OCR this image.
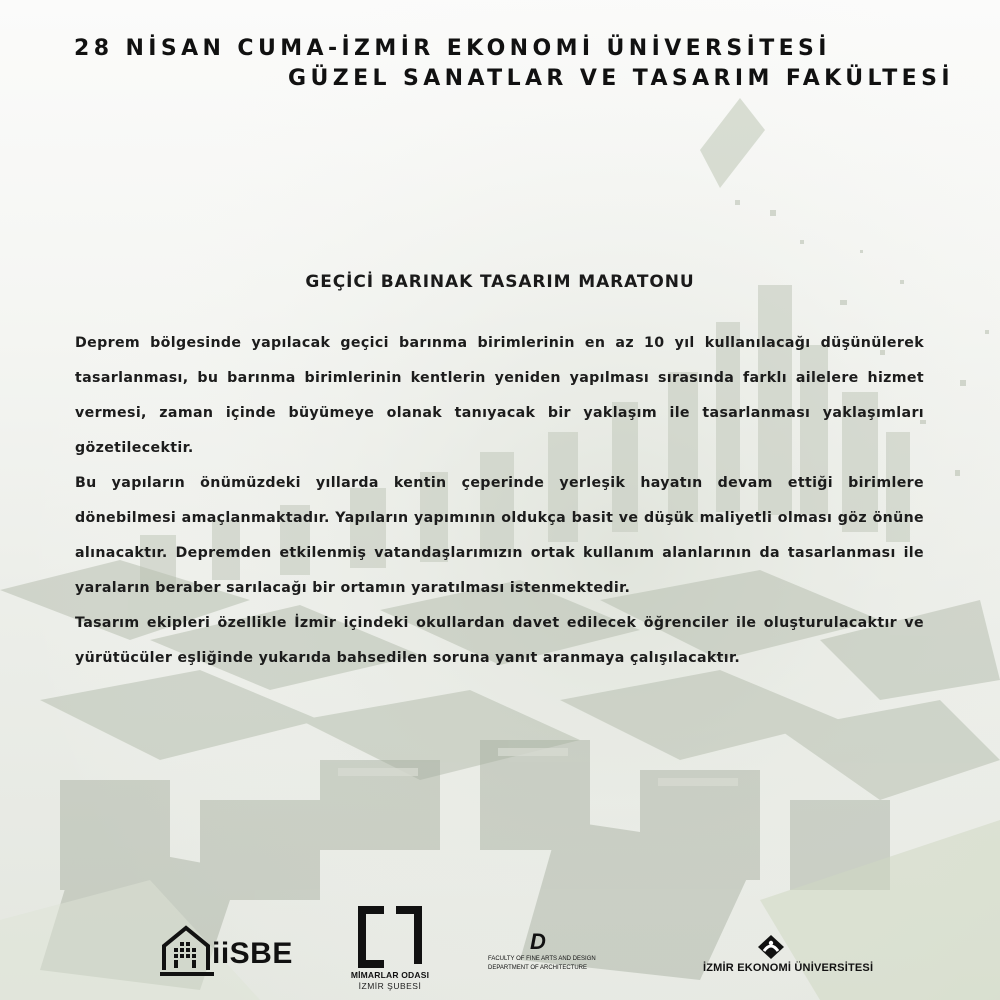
28 NİSAN CUMA-İZMİR EKONOMİ ÜNİVERSİTESİ
GÜZEL SANATLAR VE TASARIM FAKÜLTESİ
GEÇİCİ BARINAK TASARIM MARATONU

Deprem bölgesinde yapılacak geçici barınma birimlerinin en az 10 yıl kullanılacağı düşünülerek tasarlanması, bu barınma birimlerinin kentlerin yeniden yapılması sırasında farklı ailelere hizmet vermesi, zaman içinde büyümeye olanak tanıyacak bir yaklaşım ile tasarlanması yaklaşımları gözetilecektir.

Bu yapıların önümüzdeki yıllarda kentin çeperinde yerleşik hayatın devam ettiği birimlere dönebilmesi amaçlanmaktadır. Yapıların yapımının oldukça basit ve düşük maliyetli olması göz önüne alınacaktır. Depremden etkilenmiş vatandaşlarımızın ortak kullanım alanlarının da tasarlanması ile yaraların beraber sarılacağı bir ortamın yaratılması istenmektedir.

Tasarım ekipleri özellikle İzmir içindeki okullardan davet edilecek öğrenciler ile oluşturulacaktır ve yürütücüler eşliğinde yukarıda bahsedilen soruna yanıt aranmaya çalışılacaktır.

iiSBE
MİMARLAR ODASI
İZMİR ŞUBESİ
D
FACULTY OF FINE ARTS AND DESIGN
DEPARTMENT OF ARCHITECTURE	İZMİR EKONOMİ ÜNİVERSİTESİ
